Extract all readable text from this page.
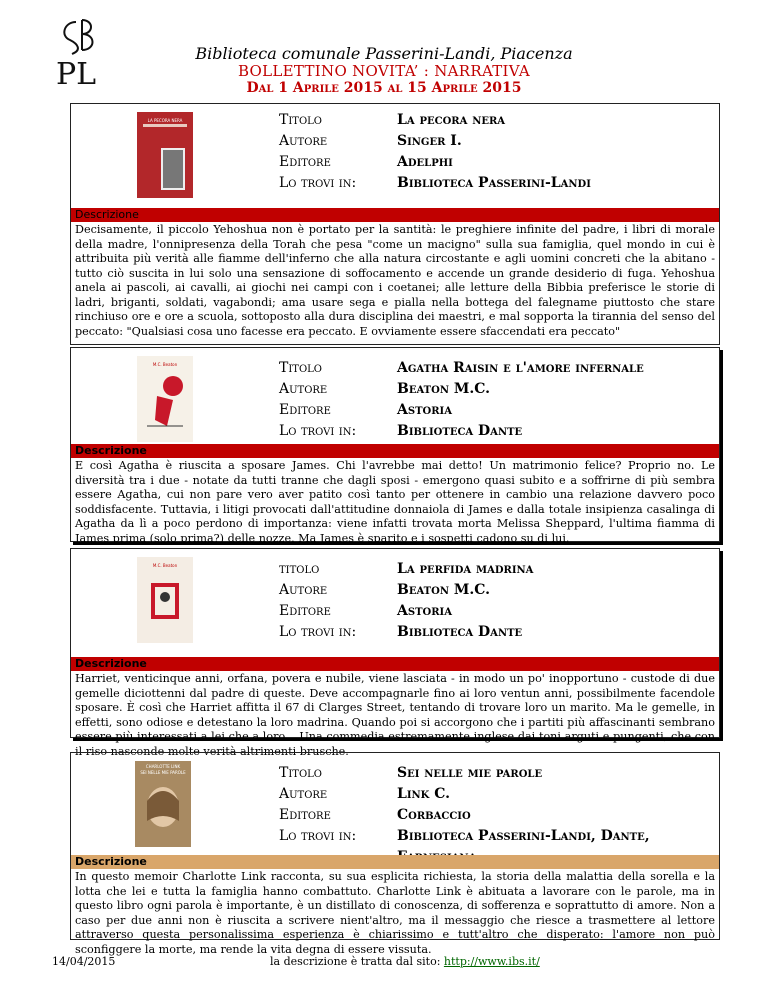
PL
Biblioteca comunale Passerini-Landi, Piacenza
BOLLETTINO NOVITA’ : NARRATIVA
Dal 1 Aprile 2015 al 15 Aprile 2015
LA PECORA NERA	Titolo	La pecora nera
Autore	Singer I.
Editore	Adelphi
Lo trovi in:	Biblioteca Passerini-Landi
Descrizione
Decisamente, il piccolo Yehoshua non è portato per la santità: le preghiere infinite del padre, i libri di morale della madre, l'onnipresenza della Torah che pesa "come un macigno" sulla sua famiglia, quel mondo in cui è attribuita più verità alle fiamme dell'inferno che alla natura circostante e agli uomini concreti che la abitano - tutto ciò suscita in lui solo una sensazione di soffocamento e accende un grande desiderio di fuga. Yehoshua anela ai pascoli, ai cavalli, ai giochi nei campi con i coetanei; alle letture della Bibbia preferisce le storie di ladri, briganti, soldati, vagabondi; ama usare sega e pialla nella bottega del falegname piuttosto che stare rinchiuso ore e ore a scuola, sottoposto alla dura disciplina dei maestri, e mal sopporta la tirannia del senso del peccato: "Qualsiasi cosa uno facesse era peccato. E ovviamente essere sfaccendati era peccato"
M.C. Beaton	Titolo	Agatha Raisin e l'amore infernale
Autore	Beaton M.C.
Editore	Astoria
Lo trovi in:	Biblioteca Dante
Descrizione
E così Agatha è riuscita a sposare James. Chi l'avrebbe mai detto! Un matrimonio felice? Proprio no. Le diversità tra i due - notate da tutti tranne che dagli sposi - emergono quasi subito e a soffrirne di più sembra essere Agatha, cui non pare vero aver patito così tanto per ottenere in cambio una relazione davvero poco soddisfacente. Tuttavia, i litigi provocati dall'attitudine donnaiola di James e dalla totale insipienza casalinga di Agatha da lì a poco perdono di importanza: viene infatti trovata morta Melissa Sheppard, l'ultima fiamma di James prima (solo prima?) delle nozze. Ma James è sparito e i sospetti cadono su di lui.
M.C. Beaton	titolo	La perfida madrina
Autore	Beaton M.C.
Editore	Astoria
Lo trovi in:	Biblioteca Dante
Descrizione
Harriet, venticinque anni, orfana, povera e nubile, viene lasciata - in modo un po' inopportuno - custode di due gemelle diciottenni dal padre di queste. Deve accompagnarle fino ai loro ventun anni, possibilmente facendole sposare. È così che Harriet affitta il 67 di Clarges Street, tentando di trovare loro un marito. Ma le gemelle, in effetti, sono odiose e detestano la loro madrina. Quando poi si accorgono che i partiti più affascinanti sembrano essere più interessati a lei che a loro... Una commedia estremamente inglese dai toni arguti e pungenti, che con il riso nasconde molte verità altrimenti brusche.
CHARLOTTE LINK
SEI NELLE MIE PAROLE	Titolo	Sei nelle mie parole
Autore	Link C.
Editore	Corbaccio
Lo trovi in:	Biblioteca Passerini-Landi, Dante,
Descrizione
In questo memoir Charlotte Link racconta, su sua esplicita richiesta, la storia della malattia della sorella e la lotta che lei e tutta la famiglia hanno combattuto. Charlotte Link è abituata a lavorare con le parole, ma in questo libro ogni parola è importante, è un distillato di conoscenza, di sofferenza e soprattutto di amore. Non a caso per due anni non è riuscita a scrivere nient'altro, ma il messaggio che riesce a trasmettere al lettore attraverso questa personalissima esperienza è chiarissimo e tutt'altro che disperato: l'amore non può sconfiggere la morte, ma rende la vita degna di essere vissuta.
14/04/2015	la descrizione è tratta dal sito: http://www.ibs.it/
